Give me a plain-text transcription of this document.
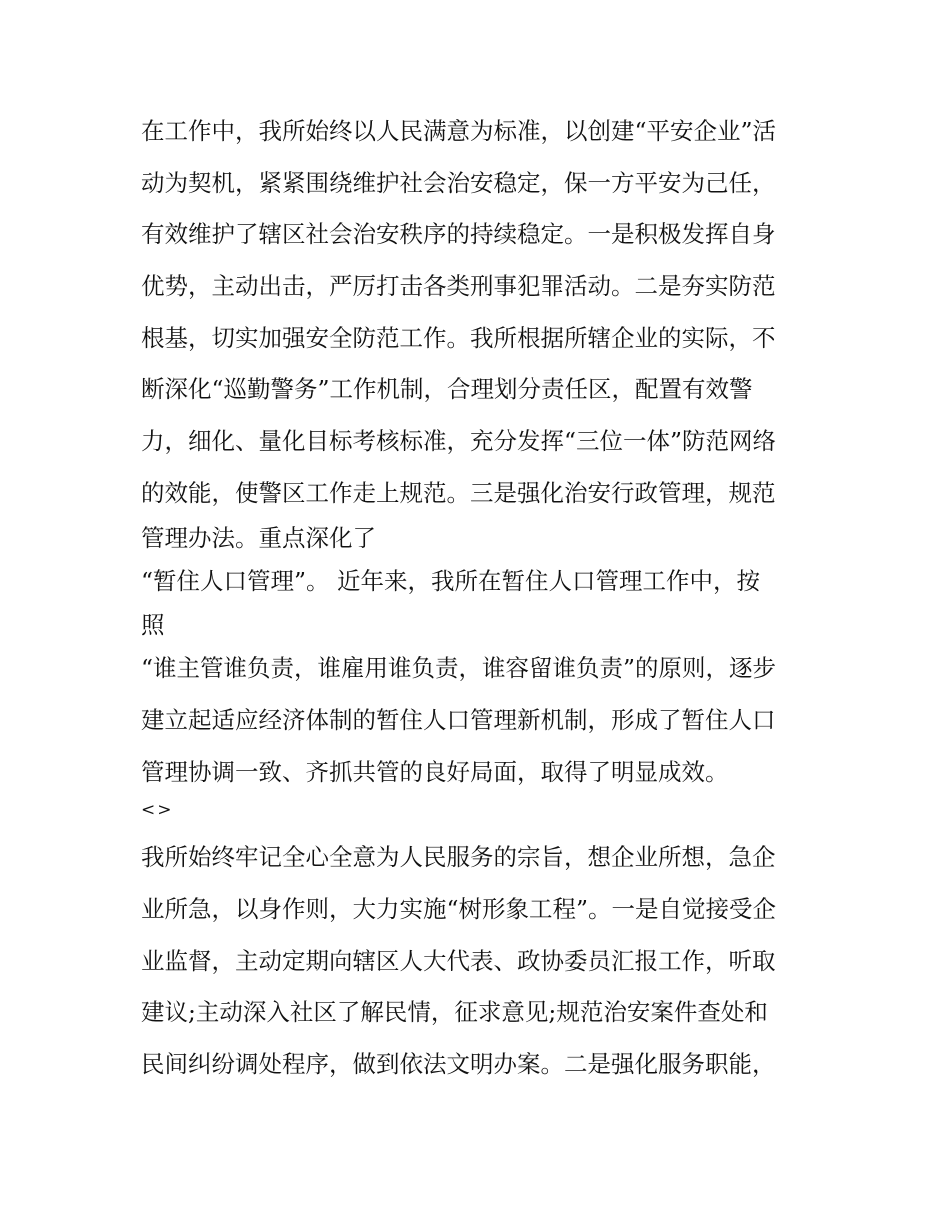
在工作中，我所始终以人民满意为标准，以创建“平安企业”活
动为契机，紧紧围绕维护社会治安稳定，保一方平安为己任，
有效维护了辖区社会治安秩序的持续稳定。一是积极发挥自身
优势，主动出击，严厉打击各类刑事犯罪活动。二是夯实防范
根基，切实加强安全防范工作。我所根据所辖企业的实际，不
断深化“巡勤警务”工作机制，合理划分责任区，配置有效警
力，细化、量化目标考核标准，充分发挥“三位一体”防范网络
的效能，使警区工作走上规范。三是强化治安行政管理，规范
管理办法。重点深化了
“暂住人口管理”。 近年来，我所在暂住人口管理工作中，按
照
“谁主管谁负责，谁雇用谁负责，谁容留谁负责”的原则，逐步
建立起适应经济体制的暂住人口管理新机制，形成了暂住人口
管理协调一致、齐抓共管的良好局面，取得了明显成效。
<>
我所始终牢记全心全意为人民服务的宗旨，想企业所想，急企
业所急，以身作则，大力实施“树形象工程”。一是自觉接受企
业监督，主动定期向辖区人大代表、政协委员汇报工作，听取
建议;主动深入社区了解民情，征求意见;规范治安案件查处和
民间纠纷调处程序，做到依法文明办案。二是强化服务职能，
